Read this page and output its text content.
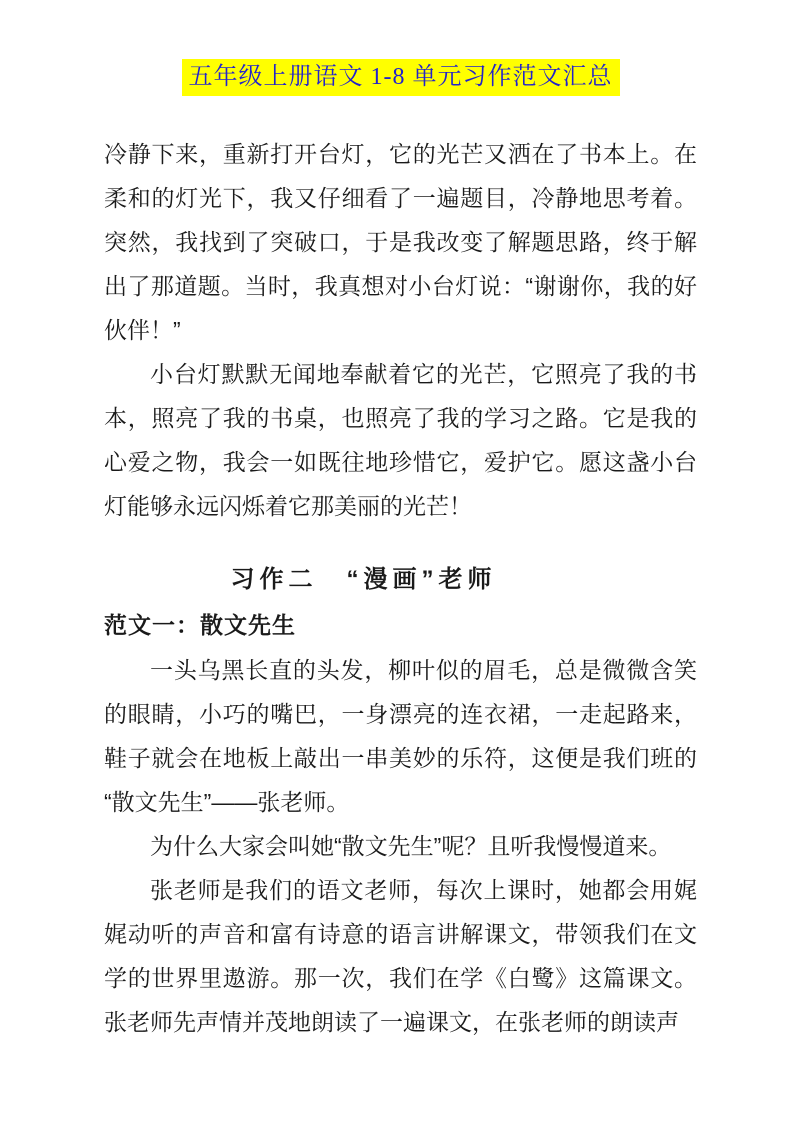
五年级上册语文 1-8 单元习作范文汇总

冷静下来，重新打开台灯，它的光芒又洒在了书本上。在柔和的灯光下，我又仔细看了一遍题目，冷静地思考着。突然，我找到了突破口，于是我改变了解题思路，终于解出了那道题。当时，我真想对小台灯说：“谢谢你，我的好伙伴！”

小台灯默默无闻地奉献着它的光芒，它照亮了我的书本，照亮了我的书桌，也照亮了我的学习之路。它是我的心爱之物，我会一如既往地珍惜它，爱护它。愿这盏小台灯能够永远闪烁着它那美丽的光芒！

习作二　“漫画”老师
范文一：散文先生

一头乌黑长直的头发，柳叶似的眉毛，总是微微含笑的眼睛，小巧的嘴巴，一身漂亮的连衣裙，一走起路来，鞋子就会在地板上敲出一串美妙的乐符，这便是我们班的“散文先生”——张老师。

为什么大家会叫她“散文先生”呢？且听我慢慢道来。

张老师是我们的语文老师，每次上课时，她都会用娓娓动听的声音和富有诗意的语言讲解课文，带领我们在文学的世界里遨游。那一次，我们在学《白鹭》这篇课文。张老师先声情并茂地朗读了一遍课文，在张老师的朗读声
